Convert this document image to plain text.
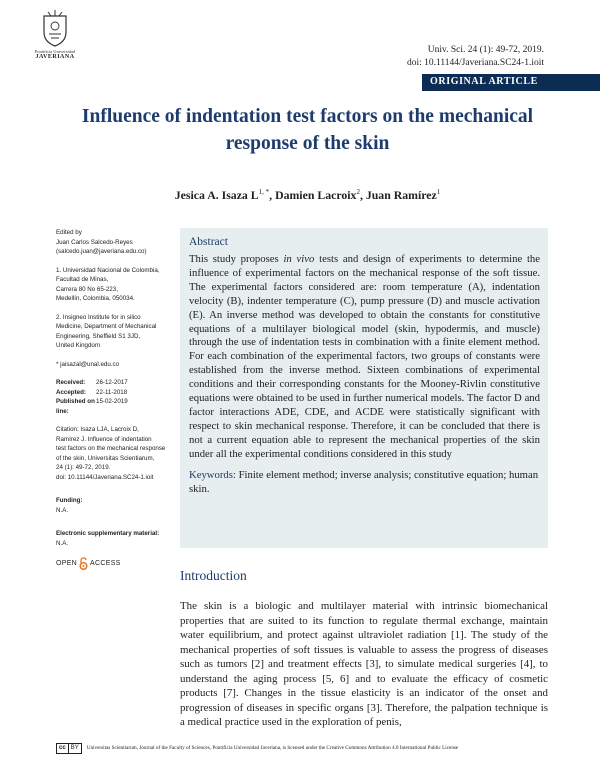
Pontificia Universidad
JAVERIANA
Univ. Sci. 24 (1): 49-72, 2019.
doi: 10.11144/Javeriana.SC24-1.ioit
ORIGINAL ARTICLE
Influence of indentation test factors on the mechanical
response of the skin
Jesica A. Isaza $L^{1, *}$, Damien Lacroix$^2$, Juan Ramírez$^1$
Edited by
Juan Carlos Salcedo-Reyes
(salcedo.juan@javeriana.edu.co)
1. Universidad Nacional de Colombia,
Facultad de Minas,
Carrera 80 No 65-223,
Medellín, Colombia, 050034.
2. Insigneo Institute for in silico
Medicine, Department of Mechanical
Engineering, Sheffield S1 3JD,
United Kingdom
* jaisazal@unal.edu.co
Received:	26-12-2017
Accepted:	22-11-2018
Published on line:
15-02-2019
Citation: Isaza LJA, Lacroix D,
Ramírez J. Influence of indentation
test factors on the mechanical response
of the skin, Universitas Scientiarum,
24 (1): 49-72, 2019.
doi: 10.11144/Javeriana.SC24-1.ioit
Funding:
N.A.
Electronic supplementary material:
N.A.
OPEN ACCESS
Abstract
This study proposes in vivo tests and design of experiments to determine the influence of experimental factors on the mechanical response of the soft tissue. The experimental factors considered are: room temperature (A), indentation velocity (B), indenter temperature (C), pump pressure (D) and muscle activation (E). An inverse method was developed to obtain the constants for constitutive equations of a multilayer biological model (skin, hypodermis, and muscle) through the use of indentation tests in combination with a finite element method. For each combination of the experimental factors, two groups of constants were established from the inverse method. Sixteen combinations of experimental conditions and their corresponding constants for the Mooney-Rivlin constitutive equations were obtained to be used in further numerical models. The factor D and factor interactions ADE, CDE, and ACDE were statistically significant with respect to skin mechanical response. Therefore, it can be concluded that there is not a current equation able to represent the mechanical properties of the skin under all the experimental conditions considered in this study
Keywords: Finite element method; inverse analysis; constitutive equation; human skin.
Introduction
The skin is a biologic and multilayer material with intrinsic biomechanical properties that are suited to its function to regulate thermal exchange, maintain water equilibrium, and protect against ultraviolet radiation [1]. The study of the mechanical properties of soft tissues is valuable to assess the progress of diseases such as tumors [2] and treatment effects [3], to simulate medical surgeries [4], to understand the aging process [5, 6] and to evaluate the efficacy of cosmetic products [7]. Changes in the tissue elasticity is an indicator of the onset and progression of diseases in specific organs [3]. Therefore, the palpation technique is a medical practice used in the exploration of penis,
cc BY	Universitas Scientiarum, Journal of the Faculty of Sciences, Pontificia Universidad Javeriana, is licensed under the Creative Commons Attribution 4.0 International Public License
